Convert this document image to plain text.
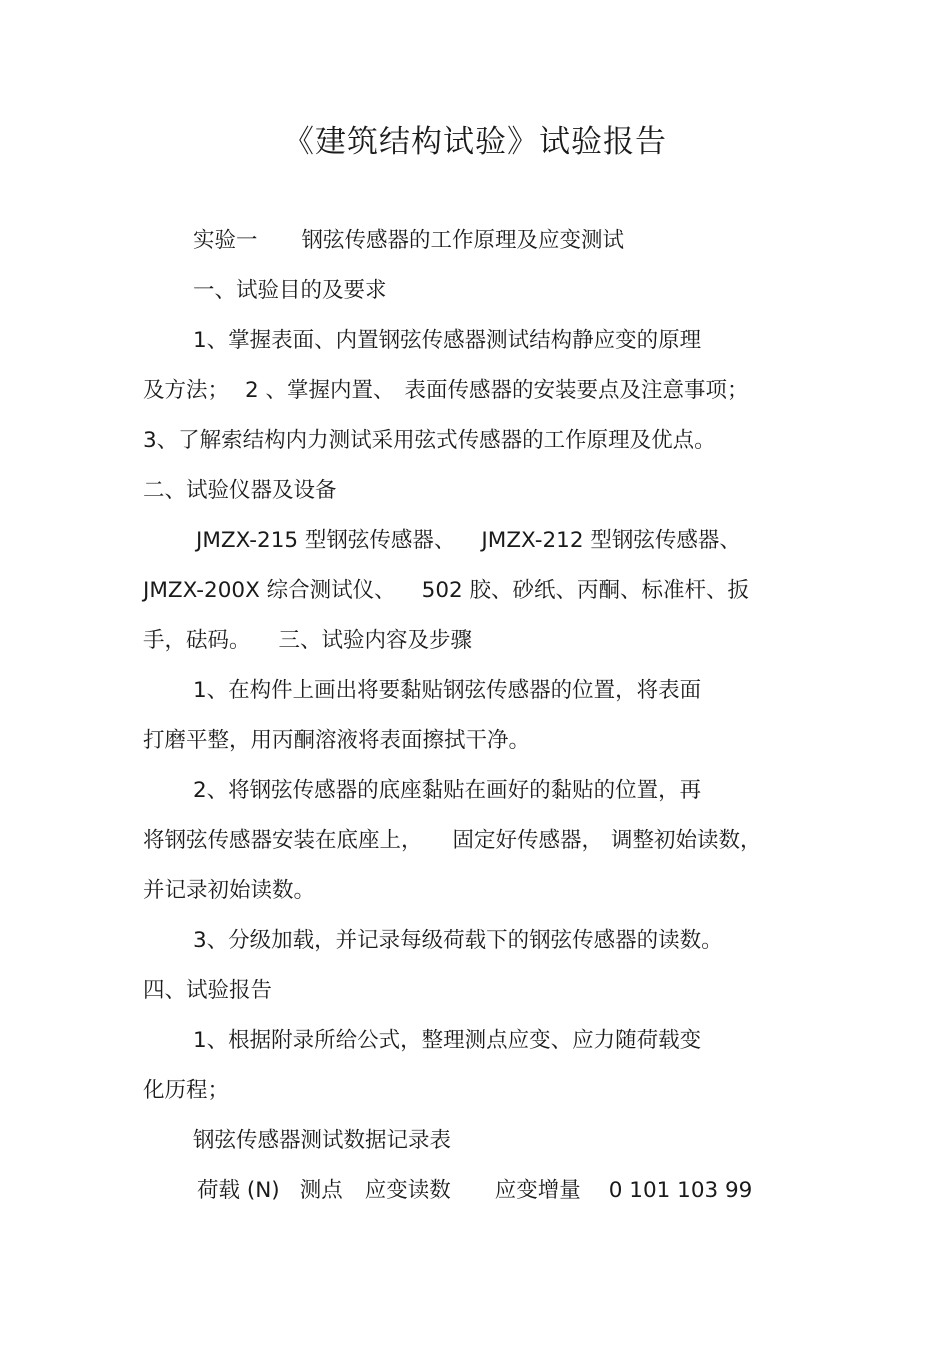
《建筑结构试验》试验报告
实验一 钢弦传感器的工作原理及应变测试
一、试验目的及要求
1、掌握表面、内置钢弦传感器测试结构静应变的原理
及方法； 2 、掌握内置、 表面传感器的安装要点及注意事项；
3、了解索结构内力测试采用弦式传感器的工作原理及优点。
二、试验仪器及设备
JMZX-215 型钢弦传感器、 JMZX-212 型钢弦传感器、
JMZX-200X 综合测试仪、 502 胶、砂纸、丙酮、标准杆、扳
手，砝码。 三、试验内容及步骤
1、在构件上画出将要黏贴钢弦传感器的位置，将表面
打磨平整，用丙酮溶液将表面擦拭干净。
2、将钢弦传感器的底座黏贴在画好的黏贴的位置，再
将钢弦传感器安装在底座上， 固定好传感器， 调整初始读数，
并记录初始读数。
3、分级加载，并记录每级荷载下的钢弦传感器的读数。
四、试验报告
1、根据附录所给公式，整理测点应变、应力随荷载变
化历程；
钢弦传感器测试数据记录表
荷载 (N) 测点 应变读数 应变增量 0 101 103 99
